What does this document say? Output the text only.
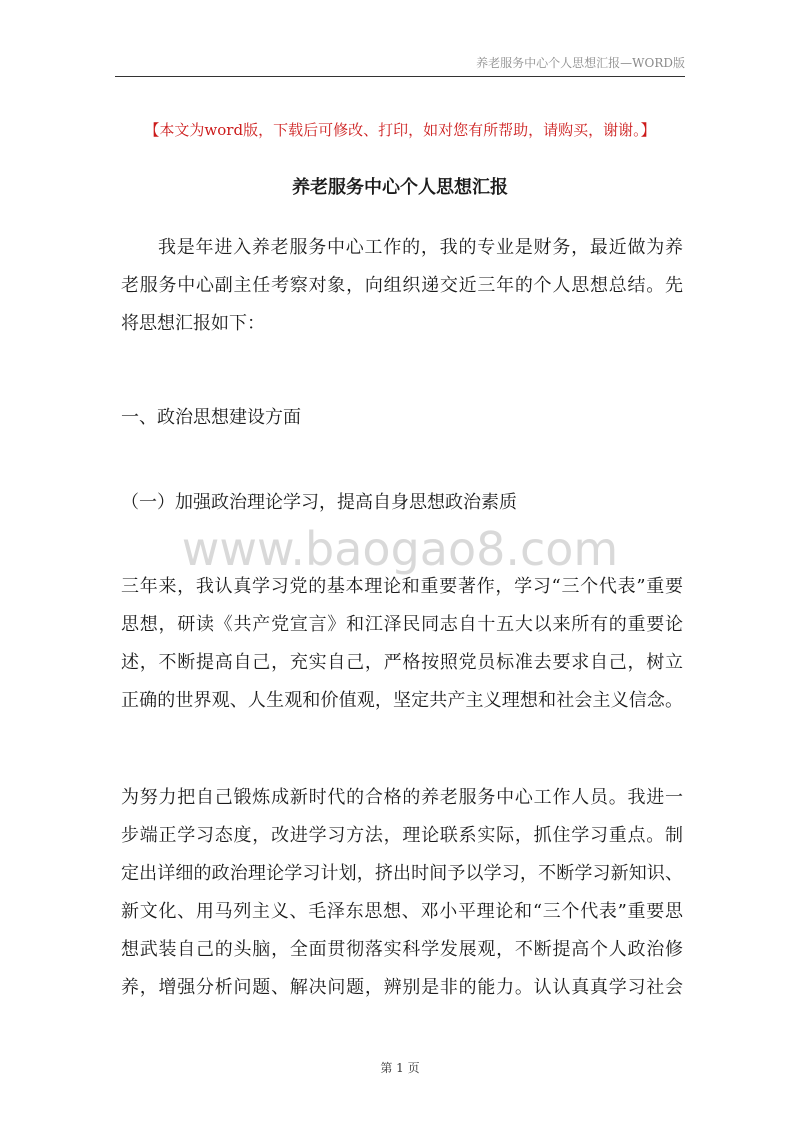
养老服务中心个人思想汇报—WORD版
【本文为word版，下载后可修改、打印，如对您有所帮助，请购买，谢谢。】
养老服务中心个人思想汇报
我是年进入养老服务中心工作的，我的专业是财务，最近做为养
老服务中心副主任考察对象，向组织递交近三年的个人思想总结。先
将思想汇报如下：
一、政治思想建设方面
（一）加强政治理论学习，提高自身思想政治素质
www.baogao8.com
三年来，我认真学习党的基本理论和重要著作，学习“三个代表”重要
思想，研读《共产党宣言》和江泽民同志自十五大以来所有的重要论
述，不断提高自己，充实自己，严格按照党员标准去要求自己，树立
正确的世界观、人生观和价值观，坚定共产主义理想和社会主义信念。
为努力把自己锻炼成新时代的合格的养老服务中心工作人员。我进一
步端正学习态度，改进学习方法，理论联系实际，抓住学习重点。制
定出详细的政治理论学习计划，挤出时间予以学习，不断学习新知识、
新文化、用马列主义、毛泽东思想、邓小平理论和“三个代表”重要思
想武装自己的头脑，全面贯彻落实科学发展观，不断提高个人政治修
养，增强分析问题、解决问题，辨别是非的能力。认认真真学习社会
第 1 页
